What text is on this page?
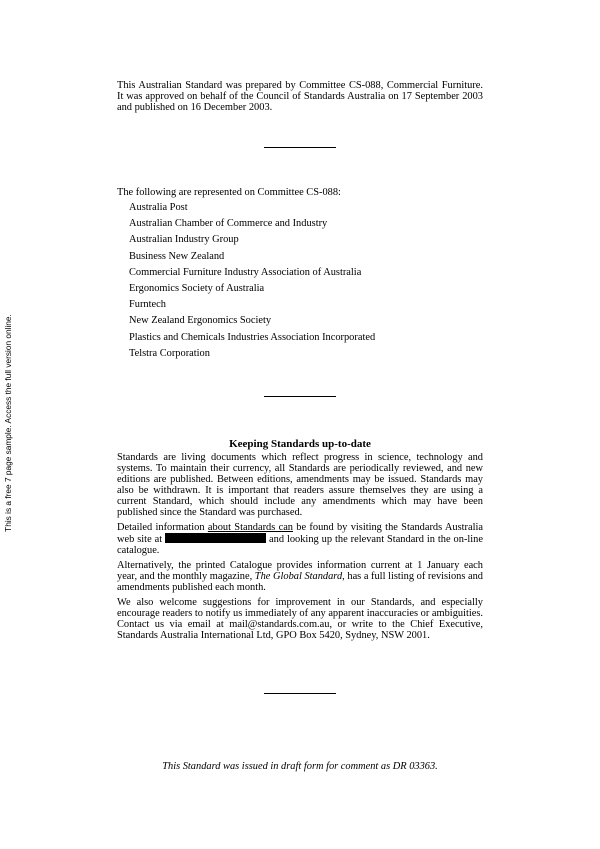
This is a free 7 page sample. Access the full version online.

This Australian Standard was prepared by Committee CS-088, Commercial Furniture. It was approved on behalf of the Council of Standards Australia on 17 September 2003 and published on 16 December 2003.

The following are represented on Committee CS-088:
Australia Post
Australian Chamber of Commerce and Industry
Australian Industry Group
Business New Zealand
Commercial Furniture Industry Association of Australia
Ergonomics Society of Australia
Furntech
New Zealand Ergonomics Society
Plastics and Chemicals Industries Association Incorporated
Telstra Corporation
Keeping Standards up-to-date

Standards are living documents which reflect progress in science, technology and systems. To maintain their currency, all Standards are periodically reviewed, and new editions are published. Between editions, amendments may be issued. Standards may also be withdrawn. It is important that readers assure themselves they are using a current Standard, which should include any amendments which may have been published since the Standard was purchased.

Detailed information about Standards can be found by visiting the Standards Australia web site at	and looking up the relevant Standard in the on-line catalogue.

Alternatively, the printed Catalogue provides information current at 1 January each year, and the monthly magazine, The Global Standard, has a full listing of revisions and amendments published each month.

We also welcome suggestions for improvement in our Standards, and especially encourage readers to notify us immediately of any apparent inaccuracies or ambiguities. Contact us via email at mail@standards.com.au, or write to the Chief Executive, Standards Australia International Ltd, GPO Box 5420, Sydney, NSW 2001.

This Standard was issued in draft form for comment as DR 03363.
